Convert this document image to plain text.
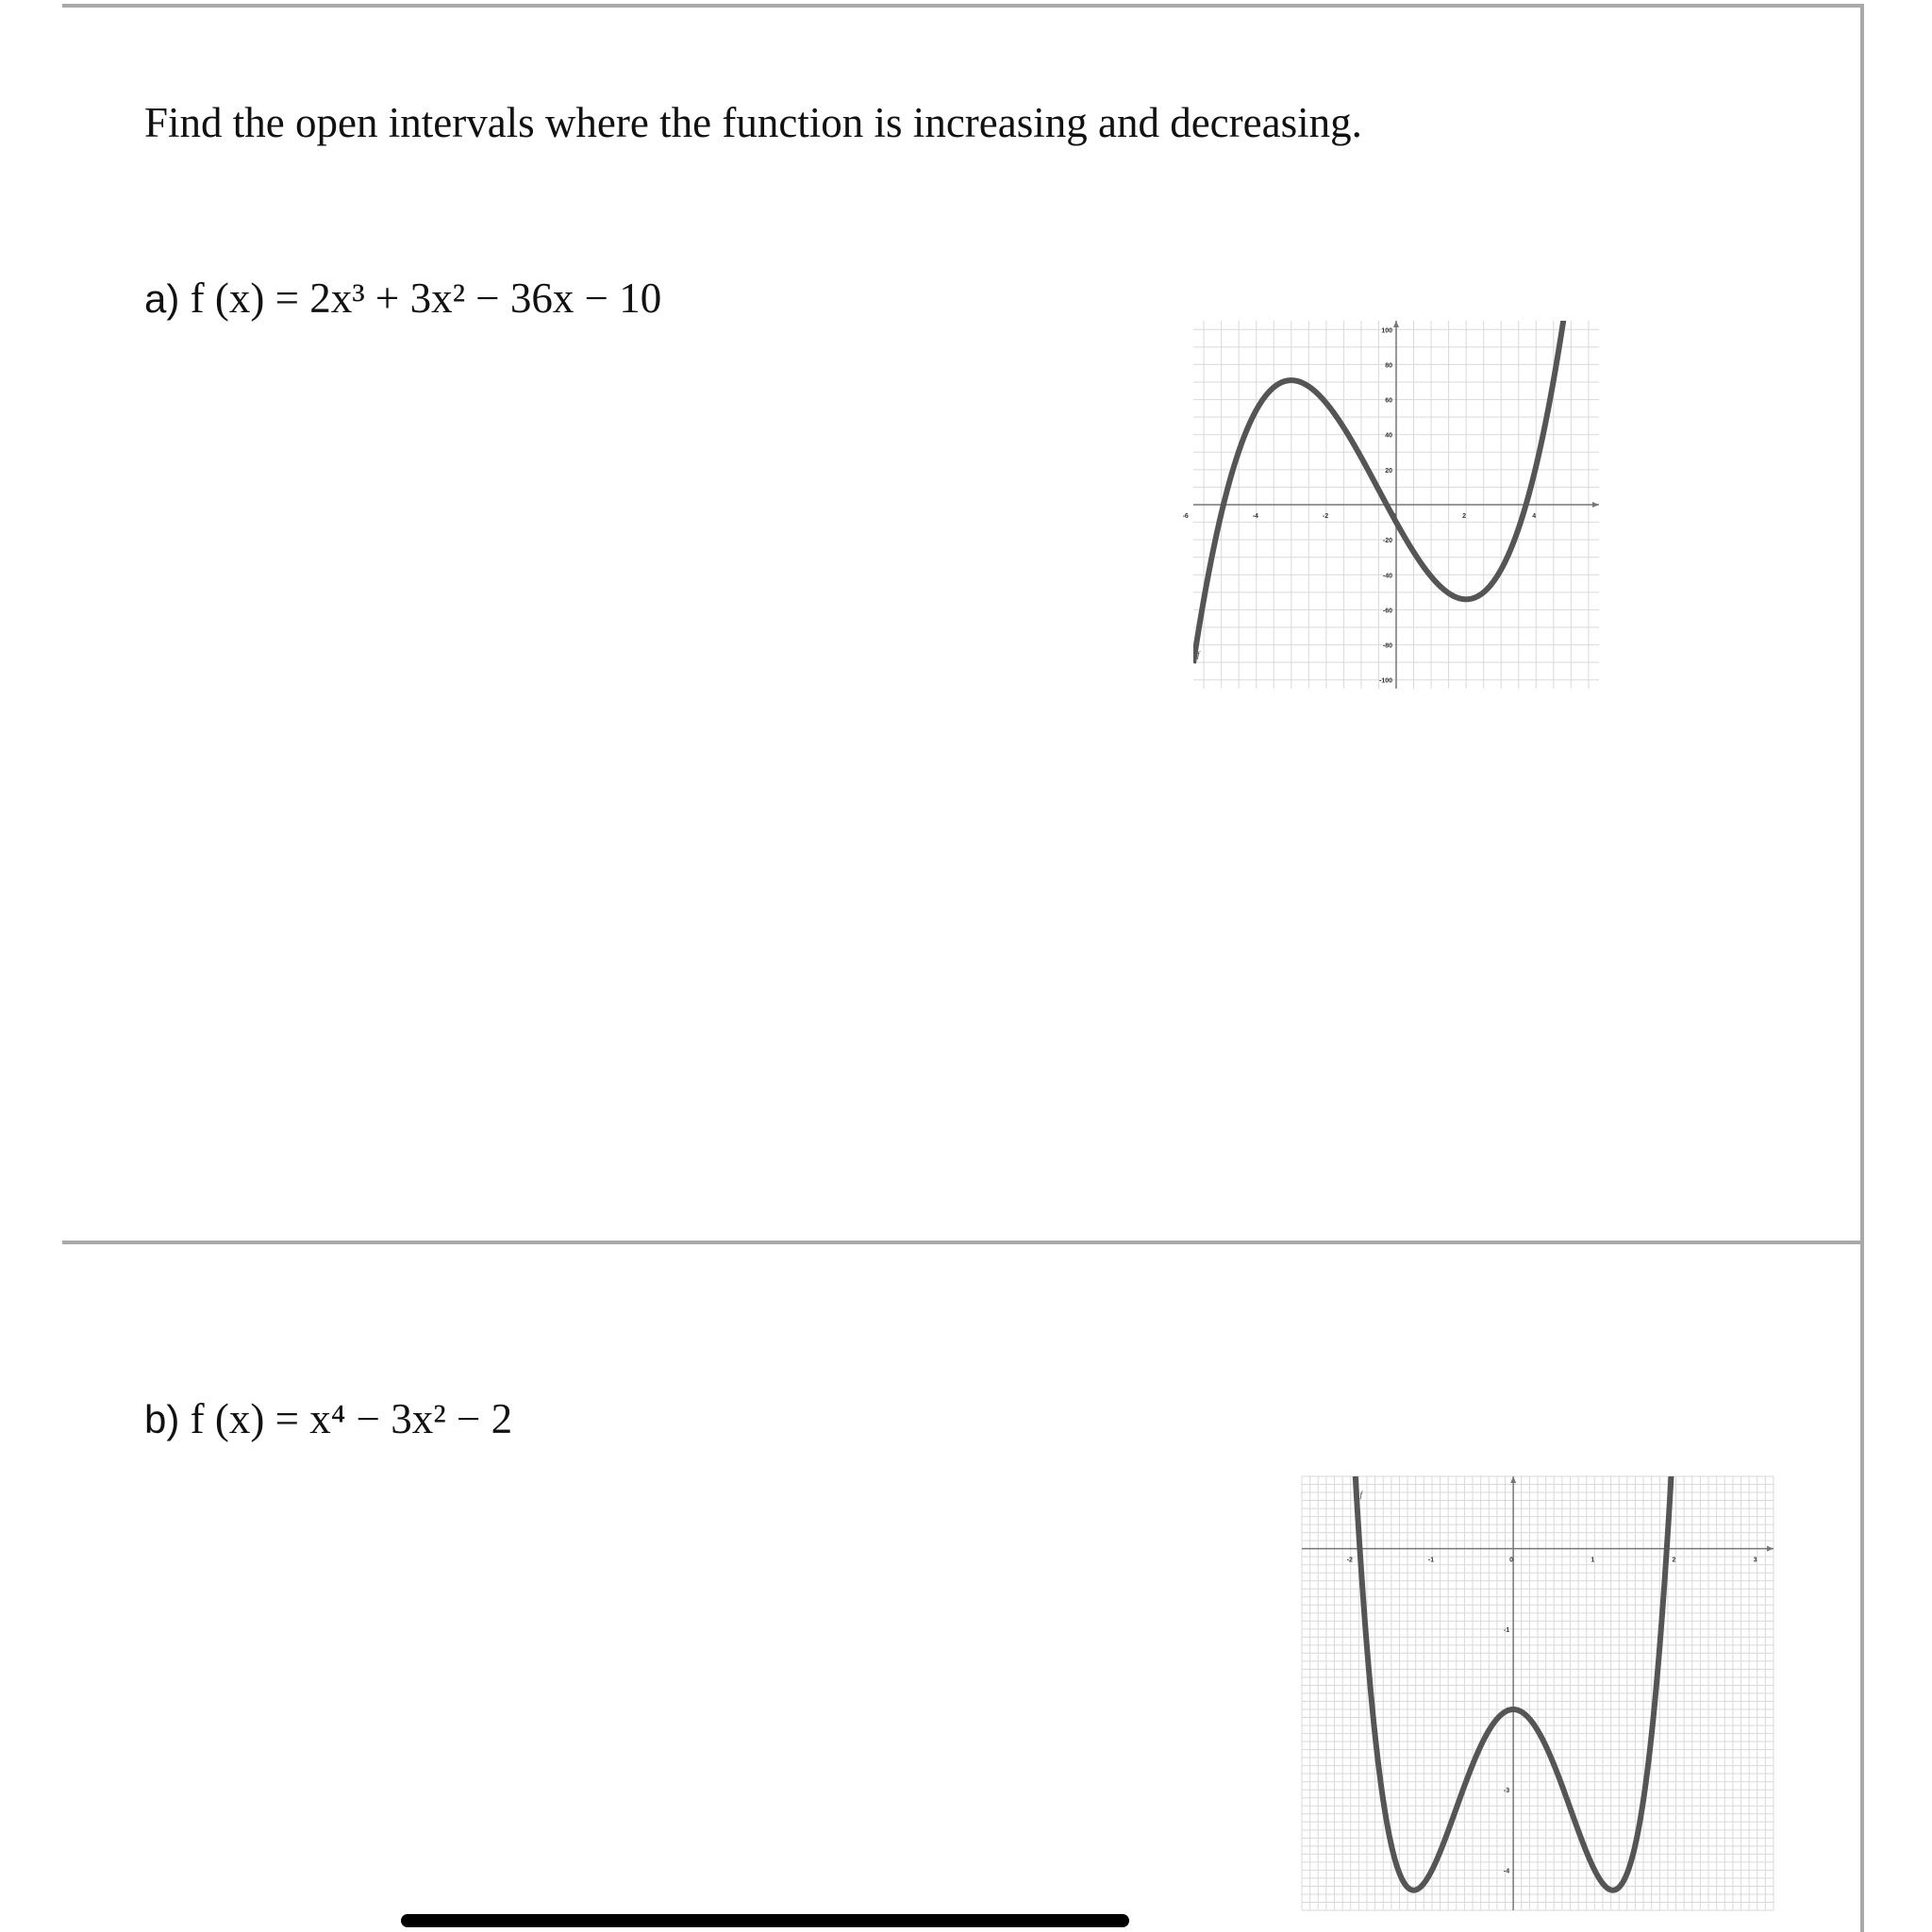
Find the open intervals where the function is increasing and decreasing.
a) f (x) = 2x³ + 3x² − 36x − 10
-6	-4	-2	0	2	4
100
80
60
40
20
-20
-40
-60
-80
-100
f
b) f (x) = x⁴ − 3x² − 2
-2	-1	0	1	2	3
-1
-2
-3
-4
f
